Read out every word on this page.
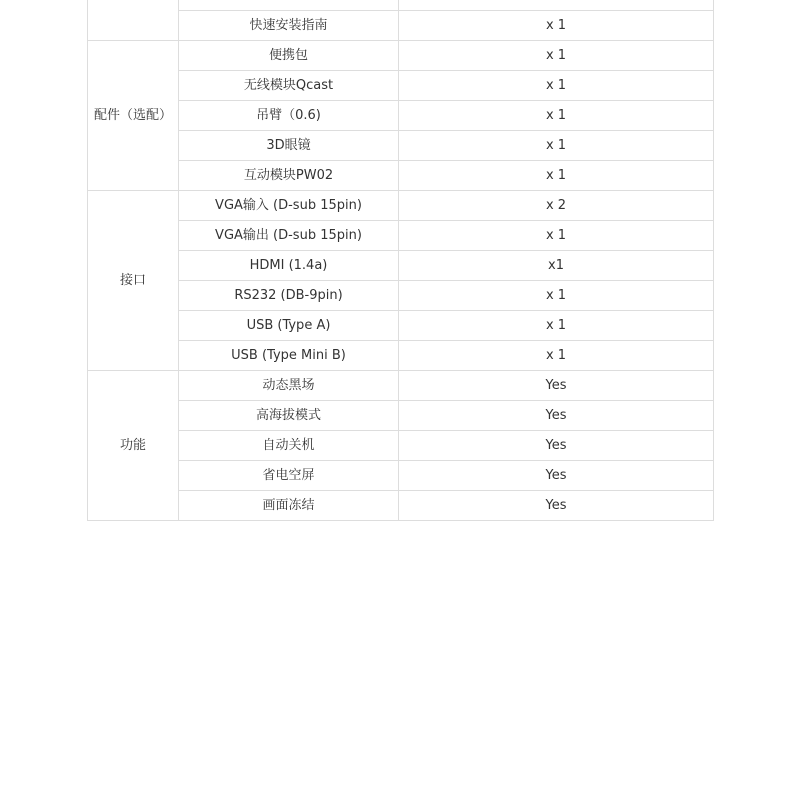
	快速安装指南	x 1
配件（选配）	便携包	x 1
	无线模块Qcast	x 1
	吊臂（0.6)	x 1
	3D眼镜	x 1
	互动模块PW02	x 1
接口	VGA输入 (D-sub 15pin)	x 2
	VGA输出 (D-sub 15pin)	x 1
	HDMI (1.4a)	x1
	RS232 (DB-9pin)	x 1
	USB (Type A)	x 1
	USB (Type Mini B)	x 1
功能	动态黑场	Yes
	高海拔模式	Yes
	自动关机	Yes
	省电空屏	Yes
	画面冻结	Yes
